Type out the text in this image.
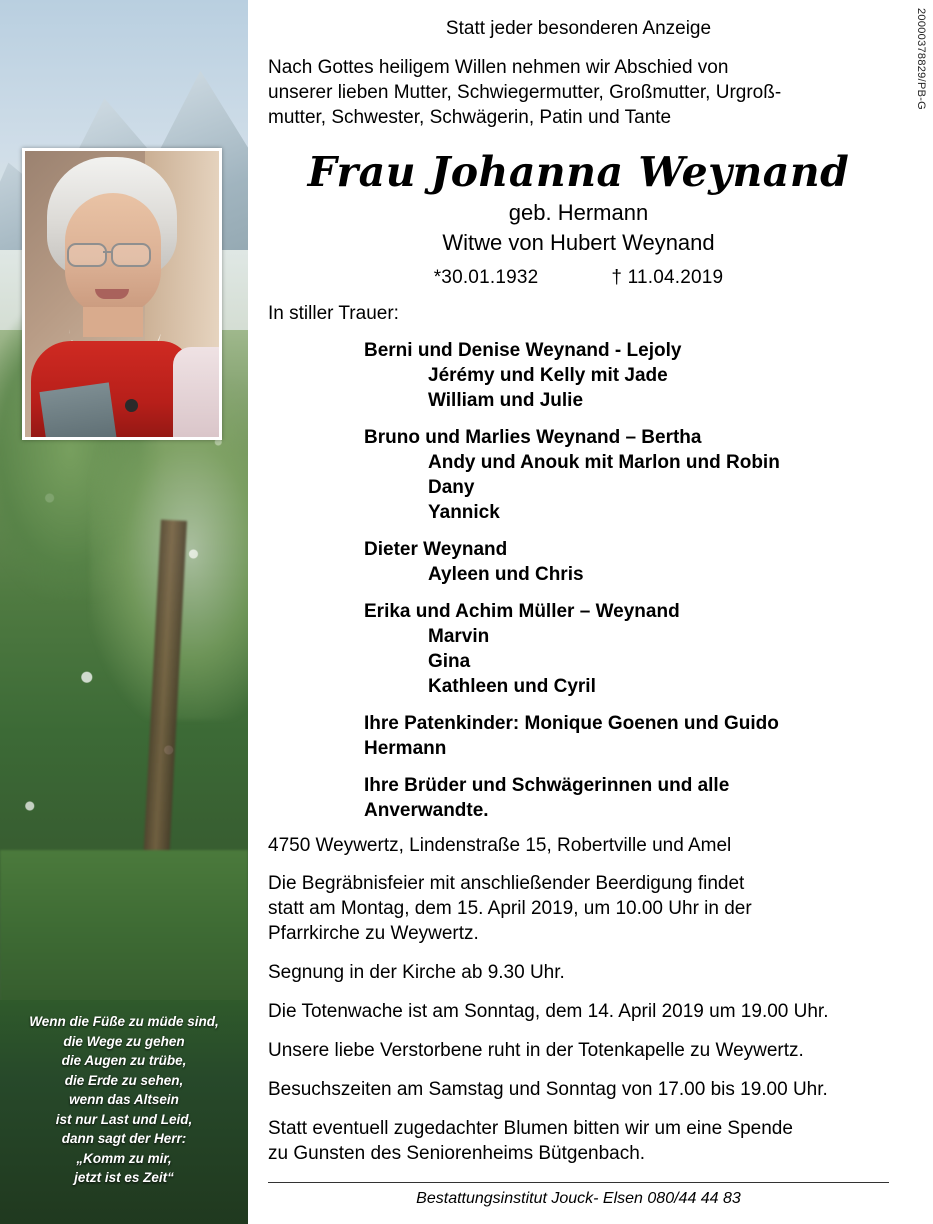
Wenn die Füße zu müde sind,
die Wege zu gehen
die Augen zu trübe,
die Erde zu sehen,
wenn das Altsein
ist nur Last und Leid,
dann sagt der Herr:
„Komm zu mir,
jetzt ist es Zeit“
20000378829/PB-G
Statt jeder besonderen Anzeige
Nach Gottes heiligem Willen nehmen wir Abschied von
unserer lieben Mutter, Schwiegermutter, Großmutter, Urgroß-
mutter, Schwester, Schwägerin, Patin und Tante
Frau Johanna Weynand
geb. Hermann
Witwe von Hubert Weynand
*30.01.1932	† 11.04.2019
In stiller Trauer:
Berni und Denise Weynand - Lejoly
Jérémy und Kelly mit Jade
William und Julie
Bruno und Marlies Weynand – Bertha
Andy und Anouk mit Marlon und Robin
Dany
Yannick
Dieter Weynand
Ayleen und Chris
Erika und Achim Müller – Weynand
Marvin
Gina
Kathleen und Cyril
Ihre Patenkinder: Monique Goenen und Guido
Hermann
Ihre Brüder und Schwägerinnen und alle
Anverwandte.
4750 Weywertz, Lindenstraße 15, Robertville und Amel
Die Begräbnisfeier mit anschließender Beerdigung findet
statt am Montag, dem 15. April 2019, um 10.00 Uhr in der
Pfarrkirche zu Weywertz.
Segnung in der Kirche ab 9.30 Uhr.
Die Totenwache ist am Sonntag, dem 14. April 2019 um 19.00 Uhr.
Unsere liebe Verstorbene ruht in der Totenkapelle zu Weywertz.
Besuchszeiten am Samstag und Sonntag von 17.00 bis 19.00 Uhr.
Statt eventuell zugedachter Blumen bitten wir um eine Spende
zu Gunsten des Seniorenheims Bütgenbach.
Bestattungsinstitut Jouck- Elsen 080/44 44 83
